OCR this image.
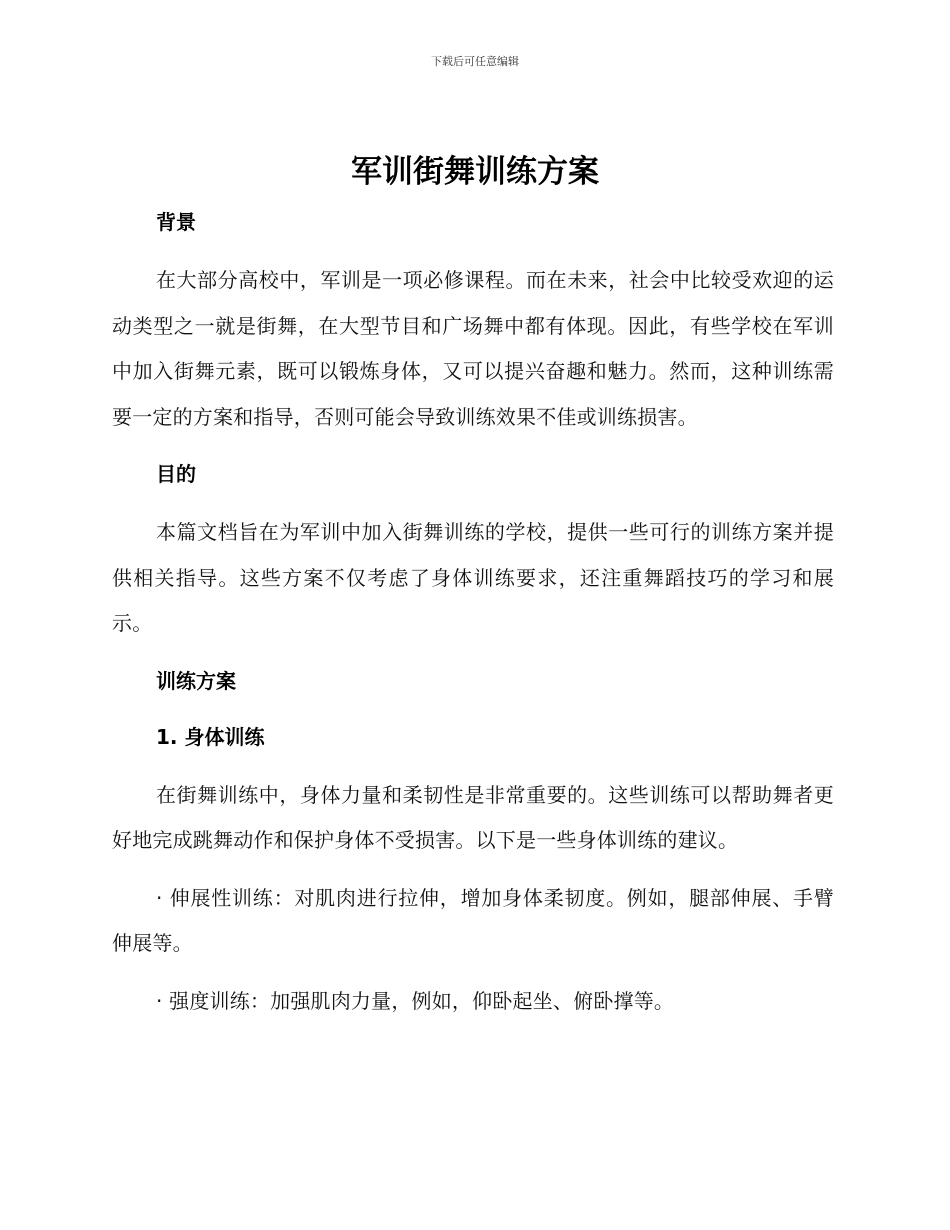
下载后可任意编辑
军训街舞训练方案
背景

在大部分高校中，军训是一项必修课程。而在未来，社会中比较受欢迎的运动类型之一就是街舞，在大型节目和广场舞中都有体现。因此，有些学校在军训中加入街舞元素，既可以锻炼身体，又可以提兴奋趣和魅力。然而，这种训练需要一定的方案和指导，否则可能会导致训练效果不佳或训练损害。

目的

本篇文档旨在为军训中加入街舞训练的学校，提供一些可行的训练方案并提供相关指导。这些方案不仅考虑了身体训练要求，还注重舞蹈技巧的学习和展示。

训练方案
1. 身体训练

在街舞训练中，身体力量和柔韧性是非常重要的。这些训练可以帮助舞者更好地完成跳舞动作和保护身体不受损害。以下是一些身体训练的建议。

· 伸展性训练：对肌肉进行拉伸，增加身体柔韧度。例如，腿部伸展、手臂伸展等。

· 强度训练：加强肌肉力量，例如，仰卧起坐、俯卧撑等。
